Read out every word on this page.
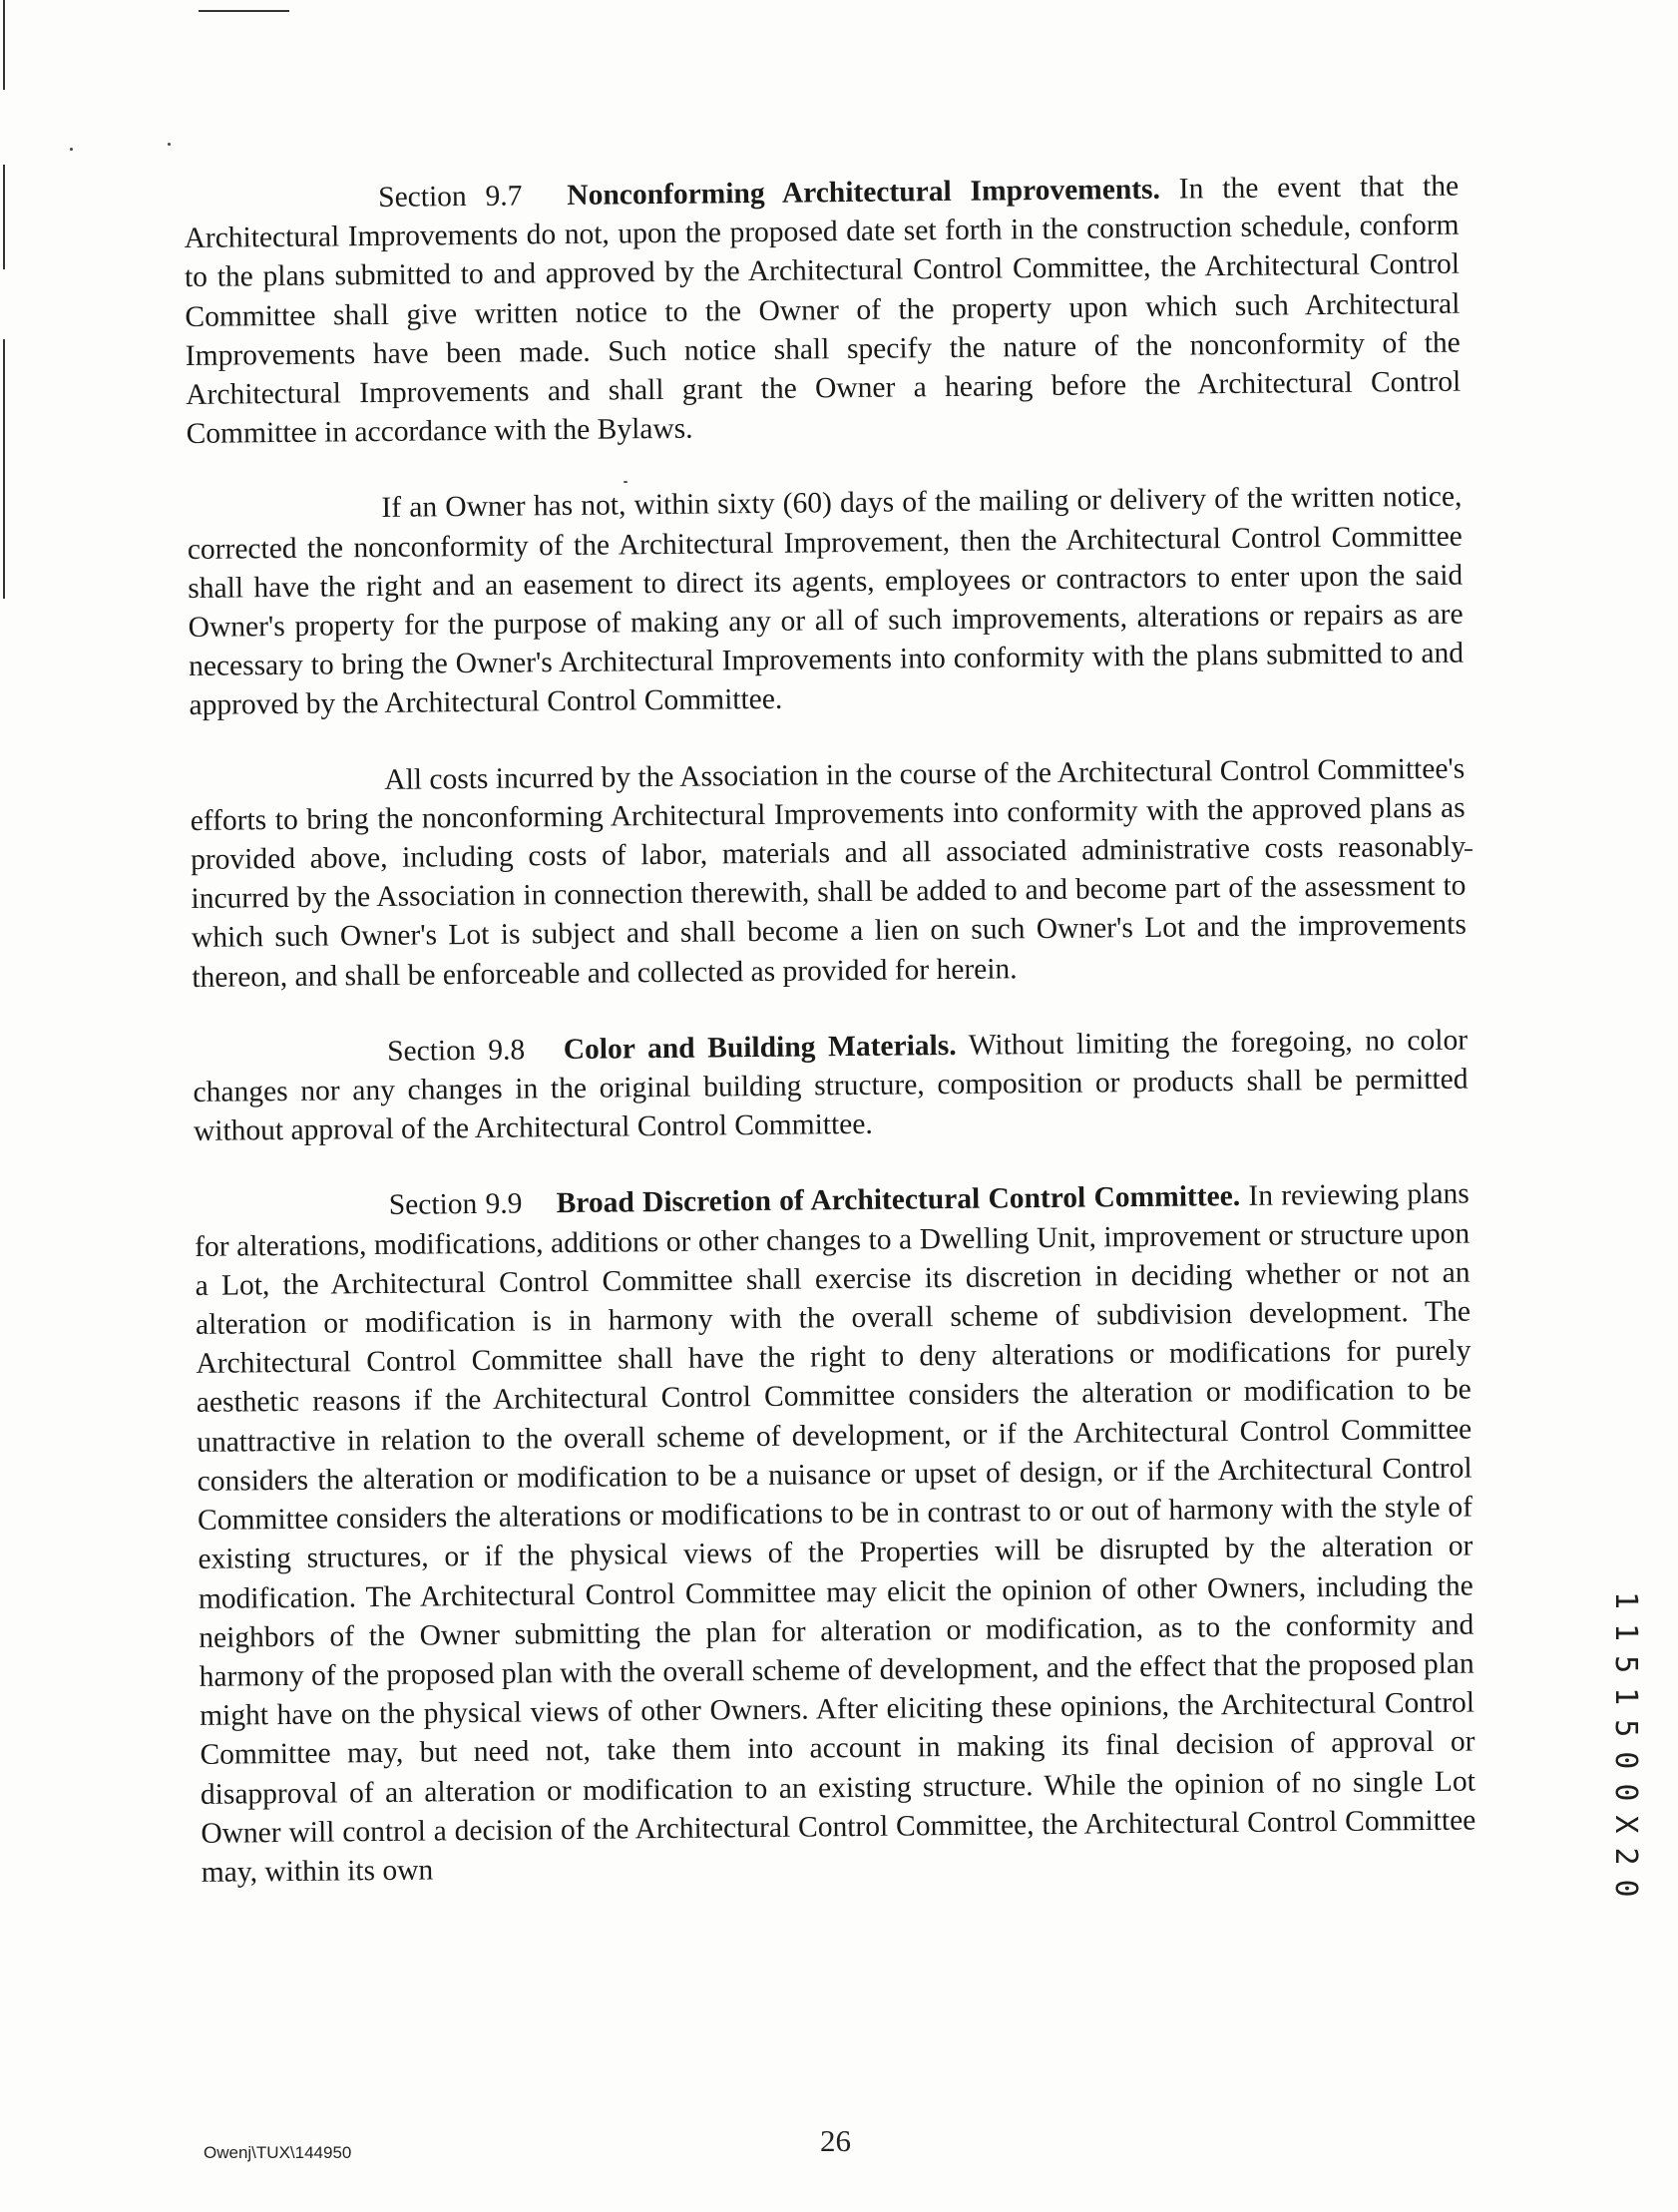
Section 9.7 Nonconforming Architectural Improvements. In the event that the Architectural Improvements do not, upon the proposed date set forth in the construction schedule, conform to the plans submitted to and approved by the Architectural Control Committee, the Architectural Control Committee shall give written notice to the Owner of the property upon which such Architectural Improvements have been made. Such notice shall specify the nature of the nonconformity of the Architectural Improvements and shall grant the Owner a hearing before the Architectural Control Committee in accordance with the Bylaws.

If an Owner has not, within sixty (60) days of the mailing or delivery of the written notice, corrected the nonconformity of the Architectural Improvement, then the Architectural Control Committee shall have the right and an easement to direct its agents, employees or contractors to enter upon the said Owner's property for the purpose of making any or all of such improvements, alterations or repairs as are necessary to bring the Owner's Architectural Improvements into conformity with the plans submitted to and approved by the Architectural Control Committee.

All costs incurred by the Association in the course of the Architectural Control Committee's efforts to bring the nonconforming Architectural Improvements into conformity with the approved plans as provided above, including costs of labor, materials and all associated administrative costs reasonably incurred by the Association in connection therewith, shall be added to and become part of the assessment to which such Owner's Lot is subject and shall become a lien on such Owner's Lot and the improvements thereon, and shall be enforceable and collected as provided for herein.

Section 9.8 Color and Building Materials. Without limiting the foregoing, no color changes nor any changes in the original building structure, composition or products shall be permitted without approval of the Architectural Control Committee.

Section 9.9 Broad Discretion of Architectural Control Committee. In reviewing plans for alterations, modifications, additions or other changes to a Dwelling Unit, improvement or structure upon a Lot, the Architectural Control Committee shall exercise its discretion in deciding whether or not an alteration or modification is in harmony with the overall scheme of subdivision development. The Architectural Control Committee shall have the right to deny alterations or modifications for purely aesthetic reasons if the Architectural Control Committee considers the alteration or modification to be unattractive in relation to the overall scheme of development, or if the Architectural Control Committee considers the alteration or modification to be a nuisance or upset of design, or if the Architectural Control Committee considers the alterations or modifications to be in contrast to or out of harmony with the style of existing structures, or if the physical views of the Properties will be disrupted by the alteration or modification. The Architectural Control Committee may elicit the opinion of other Owners, including the neighbors of the Owner submitting the plan for alteration or modification, as to the conformity and harmony of the proposed plan with the overall scheme of development, and the effect that the proposed plan might have on the physical views of other Owners. After eliciting these opinions, the Architectural Control Committee may, but need not, take them into account in making its final decision of approval or disapproval of an alteration or modification to an existing structure. While the opinion of no single Lot Owner will control a decision of the Architectural Control Committee, the Architectural Control Committee may, within its own

Owenj\TUX\144950	26
1151500X20
